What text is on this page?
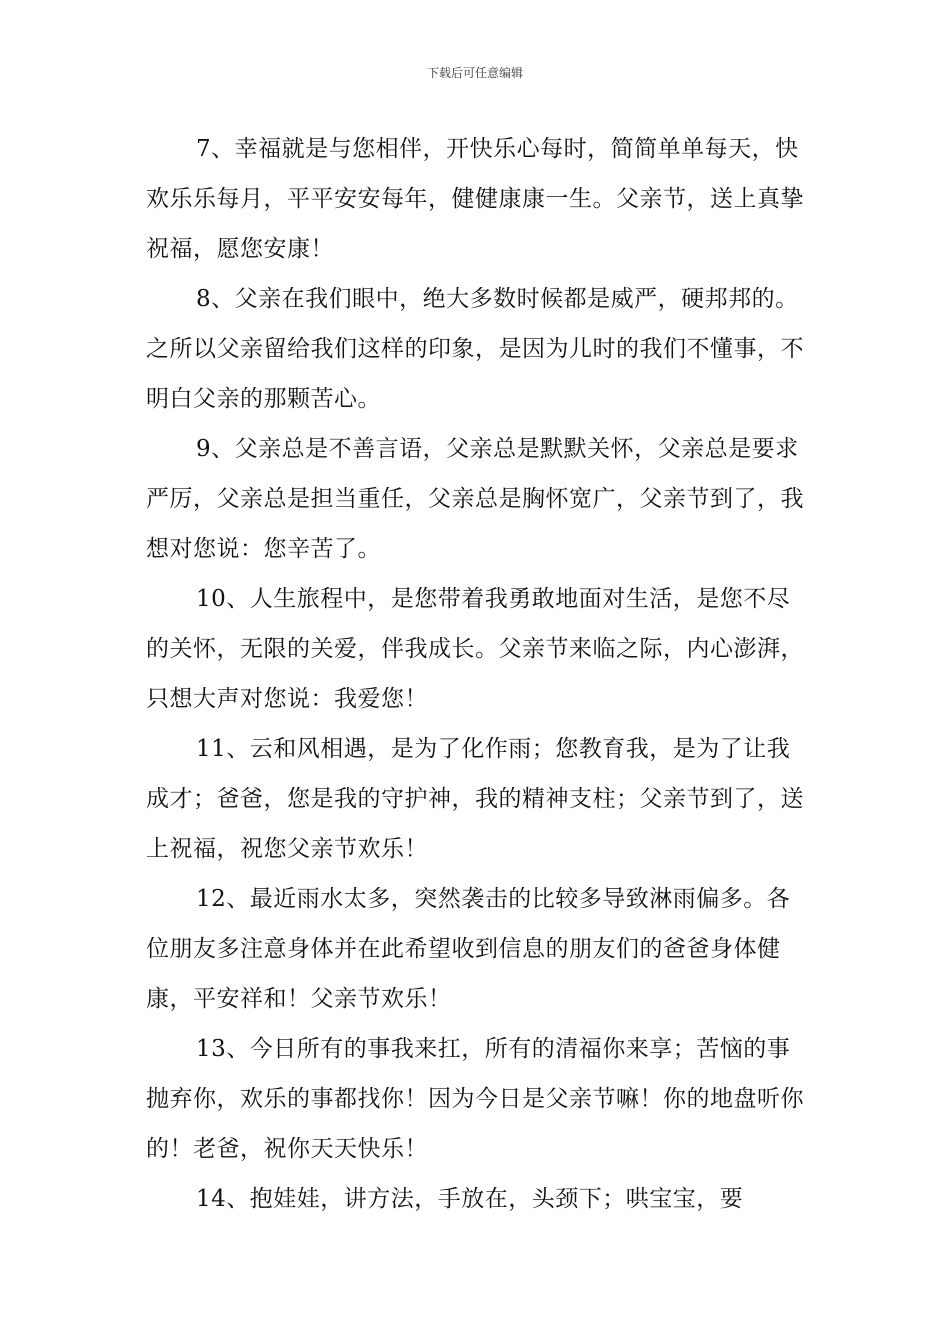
下载后可任意编辑

7、幸福就是与您相伴，开快乐心每时，简简单单每天，快欢乐乐每月，平平安安每年，健健康康一生。父亲节，送上真挚祝福，愿您安康！

8、父亲在我们眼中，绝大多数时候都是威严，硬邦邦的。之所以父亲留给我们这样的印象，是因为儿时的我们不懂事，不明白父亲的那颗苦心。

9、父亲总是不善言语，父亲总是默默关怀，父亲总是要求严厉，父亲总是担当重任，父亲总是胸怀宽广，父亲节到了，我想对您说：您辛苦了。

10、人生旅程中，是您带着我勇敢地面对生活，是您不尽的关怀，无限的关爱，伴我成长。父亲节来临之际，内心澎湃，只想大声对您说：我爱您！

11、云和风相遇，是为了化作雨；您教育我，是为了让我成才；爸爸，您是我的守护神，我的精神支柱；父亲节到了，送上祝福，祝您父亲节欢乐！

12、最近雨水太多，突然袭击的比较多导致淋雨偏多。各位朋友多注意身体并在此希望收到信息的朋友们的爸爸身体健康，平安祥和！父亲节欢乐！

13、今日所有的事我来扛，所有的清福你来享；苦恼的事抛弃你，欢乐的事都找你！因为今日是父亲节嘛！你的地盘听你的！老爸，祝你天天快乐！

14、抱娃娃，讲方法，手放在，头颈下；哄宝宝，要
